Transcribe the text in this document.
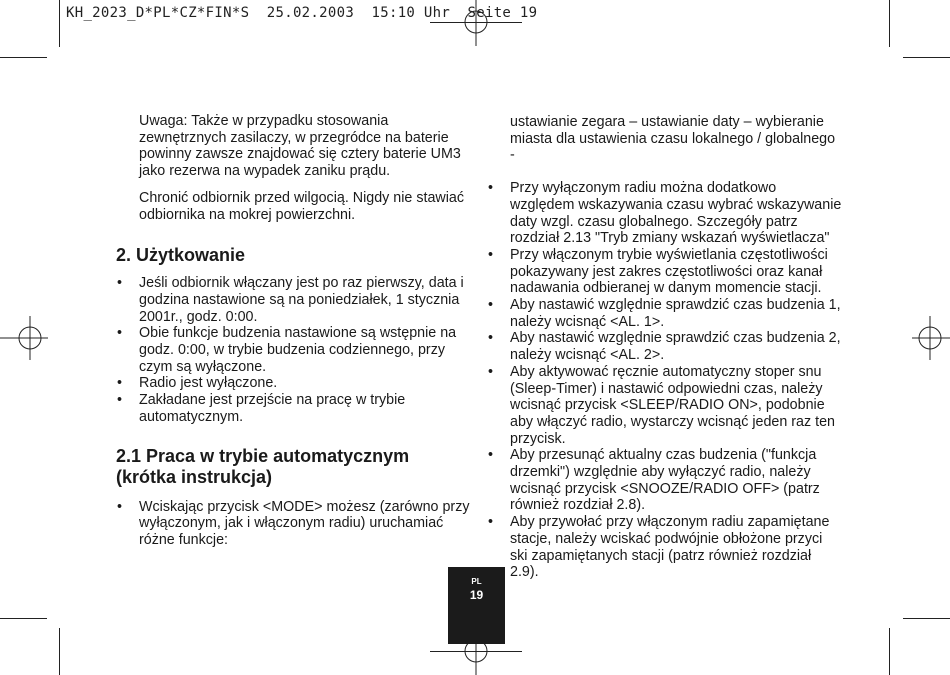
KH_2023_D*PL*CZ*FIN*S  25.02.2003  15:10 Uhr  Seite 19

Uwaga: Także w przypadku stosowania zewnętrznych zasilaczy, w przegródce na baterie powinny zawsze znajdować się cztery baterie UM3 jako rezerwa na wypadek zaniku prądu.

Chronić odbiornik przed wilgocią. Nigdy nie stawiać odbiornika na mokrej powierzchni.

2. Użytkowanie
• Jeśli odbiornik włączany jest po raz pierwszy, data i godzina nastawione są na poniedziałek, 1 stycznia 2001r., godz. 0:00.
• Obie funkcje budzenia nastawione są wstępnie na godz. 0:00, w trybie budzenia codziennego, przy czym są wyłączone.
• Radio jest wyłączone.
• Zakładane jest przejście na pracę w trybie automatycznym.
2.1 Praca w trybie automatycznym
(krótka instrukcja)
• Wciskając przycisk <MODE> możesz (zarówno przy wyłączonym, jak i włączonym radiu) uruchamiać różne funkcje:

ustawianie zegara – ustawianie daty – wybieranie miasta dla ustawienia czasu lokalnego / globalnego -

• Przy wyłączonym radiu można dodatkowo względem wskazywania czasu wybrać wskazywanie daty wzgl. czasu globalnego. Szczegóły patrz rozdział 2.13 "Tryb zmiany wskazań wyświetlacza"
• Przy włączonym trybie wyświetlania częstotliwości pokazywany jest zakres częstotliwości oraz kanał nadawania odbieranej w danym momencie stacji.
• Aby nastawić względnie sprawdzić czas budzenia 1, należy wcisnąć <AL. 1>.
• Aby nastawić względnie sprawdzić czas budzenia 2, należy wcisnąć <AL. 2>.
• Aby aktywować ręcznie automatyczny stoper snu (Sleep-Timer) i nastawić odpowiedni czas, należy wcisnąć przycisk <SLEEP/RADIO ON>, podobnie aby włączyć radio, wystarczy wcisnąć jeden raz ten przycisk.
• Aby przesunąć aktualny czas budzenia ("funkcja drzemki") względnie aby wyłączyć radio, należy wcisnąć przycisk <SNOOZE/RADIO OFF> (patrz również rozdział 2.8).
• Aby przywołać przy włączonym radiu zapamiętane stacje, należy wciskać podwójnie obłożone przyci ski zapamiętanych stacji (patrz również rozdział 2.9).
PL
19
